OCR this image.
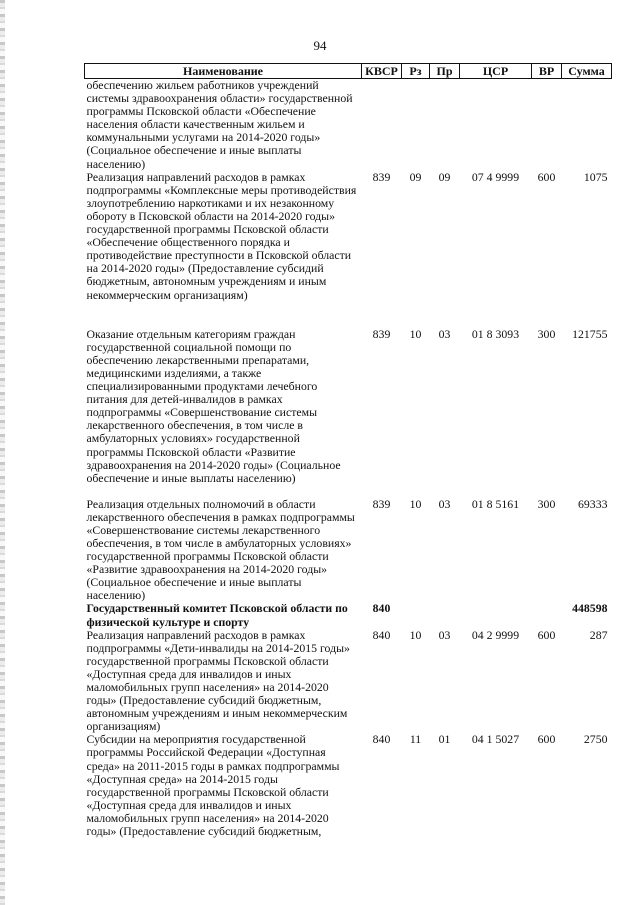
94
Наименование	КВСР	Рз	Пр	ЦСР	ВР	Сумма
обеспечению жильем работников учреждений системы здравоохранения области» государственной программы Псковской области «Обеспечение населения области качественным жильем и коммунальными услугами на 2014-2020 годы» (Социальное обеспечение и иные выплаты населению)						
Реализация направлений расходов в рамках подпрограммы «Комплексные меры противодействия злоупотреблению наркотиками и их незаконному обороту в Псковской области на 2014-2020 годы» государственной программы Псковской области «Обеспечение общественного порядка и противодействие преступности в Псковской области на 2014-2020 годы» (Предоставление субсидий бюджетным, автономным учреждениям и иным некоммерческим организациям)	839	09	09	07 4 9999	600	1075
Оказание отдельным категориям граждан государственной социальной помощи по обеспечению лекарственными препаратами, медицинскими изделиями, а также специализированными продуктами лечебного питания для детей-инвалидов в рамках подпрограммы «Совершенствование системы лекарственного обеспечения, в том числе в амбулаторных условиях» государственной программы Псковской области «Развитие здравоохранения на 2014-2020 годы» (Социальное обеспечение и иные выплаты населению)	839	10	03	01 8 3093	300	121755
Реализация отдельных полномочий в области лекарственного обеспечения в рамках подпрограммы «Совершенствование системы лекарственного обеспечения, в том числе в амбулаторных условиях» государственной программы Псковской области «Развитие здравоохранения на 2014-2020 годы» (Социальное обеспечение и иные выплаты населению)	839	10	03	01 8 5161	300	69333
Государственный комитет Псковской области по физической культуре и спорту	840					448598
Реализация направлений расходов в рамках подпрограммы «Дети-инвалиды на 2014-2015 годы» государственной программы Псковской области «Доступная среда для инвалидов и иных маломобильных групп населения» на 2014-2020 годы» (Предоставление субсидий бюджетным, автономным учреждениям и иным некоммерческим организациям)	840	10	03	04 2 9999	600	287
Субсидии на мероприятия государственной программы Российской Федерации «Доступная среда» на 2011-2015 годы в рамках подпрограммы «Доступная среда» на 2014-2015 годы государственной программы Псковской области «Доступная среда для инвалидов и иных маломобильных групп населения» на 2014-2020 годы» (Предоставление субсидий бюджетным,	840	11	01	04 1 5027	600	2750
